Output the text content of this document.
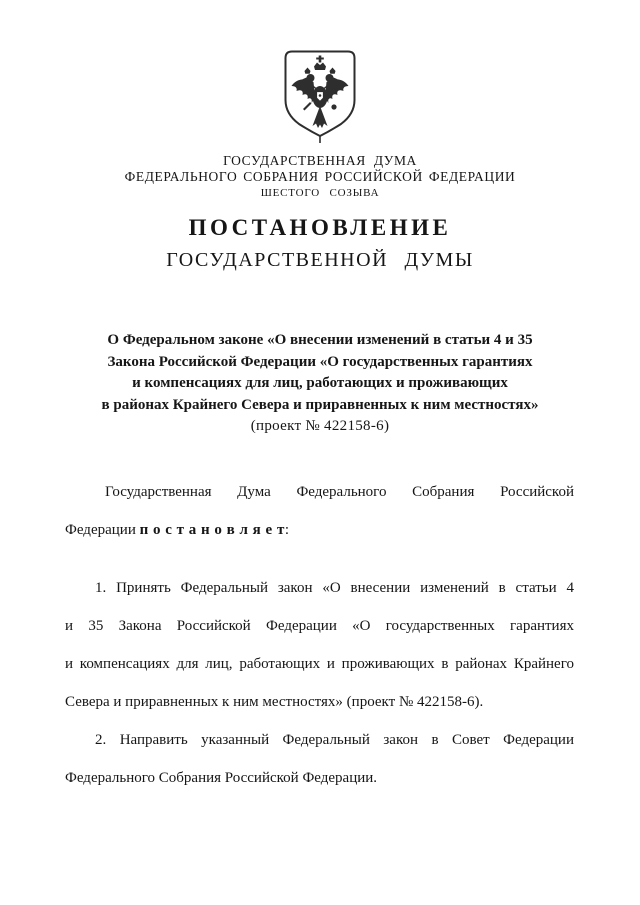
ГОСУДАРСТВЕННАЯ ДУМА
ФЕДЕРАЛЬНОГО СОБРАНИЯ РОССИЙСКОЙ ФЕДЕРАЦИИ
ШЕСТОГО СОЗЫВА
ПОСТАНОВЛЕНИЕ
ГОСУДАРСТВЕННОЙ ДУМЫ
О Федеральном законе «О внесении изменений в статьи 4 и 35
Закона Российской Федерации «О государственных гарантиях
и компенсациях для лиц, работающих и проживающих
в районах Крайнего Севера и приравненных к ним местностях»
(проект № 422158-6)

Государственная Дума Федерального Собрания Российской
Федерации п о с т а н о в л я е т:

1. Принять Федеральный закон «О внесении изменений в статьи 4
и 35 Закона Российской Федерации «О государственных гарантиях
и компенсациях для лиц, работающих и проживающих в районах Крайнего
Севера и приравненных к ним местностях» (проект № 422158-6).

2. Направить указанный Федеральный закон в Совет Федерации
Федерального Собрания Российской Федерации.
